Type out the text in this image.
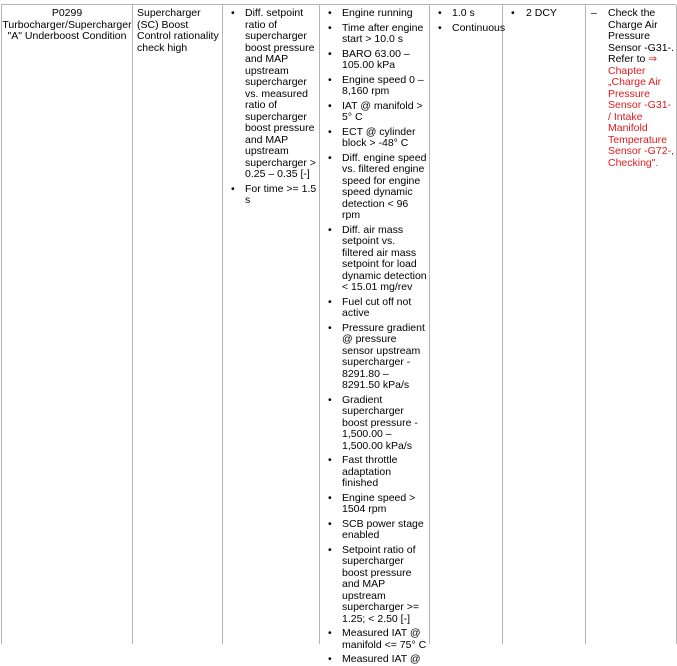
P0299
Turbocharger/Supercharger
"A" Underboost Condition
Supercharger (SC) Boost Control rationality check high
• Diff. setpoint ratio of supercharger boost pressure and MAP upstream supercharger vs. measured ratio of supercharger boost pressure and MAP upstream supercharger > 0.25 – 0.35 [-]
• For time >= 1.5 s
• Engine running
• Time after engine start > 10.0 s
• BARO 63.00 – 105.00 kPa
• Engine speed 0 – 8,160 rpm
• IAT @ manifold > 5° C
• ECT @ cylinder block > -48° C
• Diff. engine speed vs. filtered engine speed for engine speed dynamic detection < 96 rpm
• Diff. air mass setpoint vs. filtered air mass setpoint for load dynamic detection < 15.01 mg/rev
• Fuel cut off not active
• Pressure gradient @ pressure sensor upstream supercharger - 8291.80 – 8291.50 kPa/s
• Gradient supercharger boost pressure - 1,500.00 – 1,500.00 kPa/s
• Fast throttle adaptation finished
• Engine speed > 1504 rpm
• SCB power stage enabled
• Setpoint ratio of supercharger boost pressure and MAP upstream supercharger >= 1.25; < 2.50 [-]
• Measured IAT @ manifold <= 75° C
• Measured IAT @
• 1.0 s
• Continuous
• 2 DCY	–	Check the Charge Air Pressure Sensor -G31-. Refer to ⇒ Chapter „Charge Air Pressure Sensor -G31- / Intake Manifold Temperature Sensor -G72-, Checking".
